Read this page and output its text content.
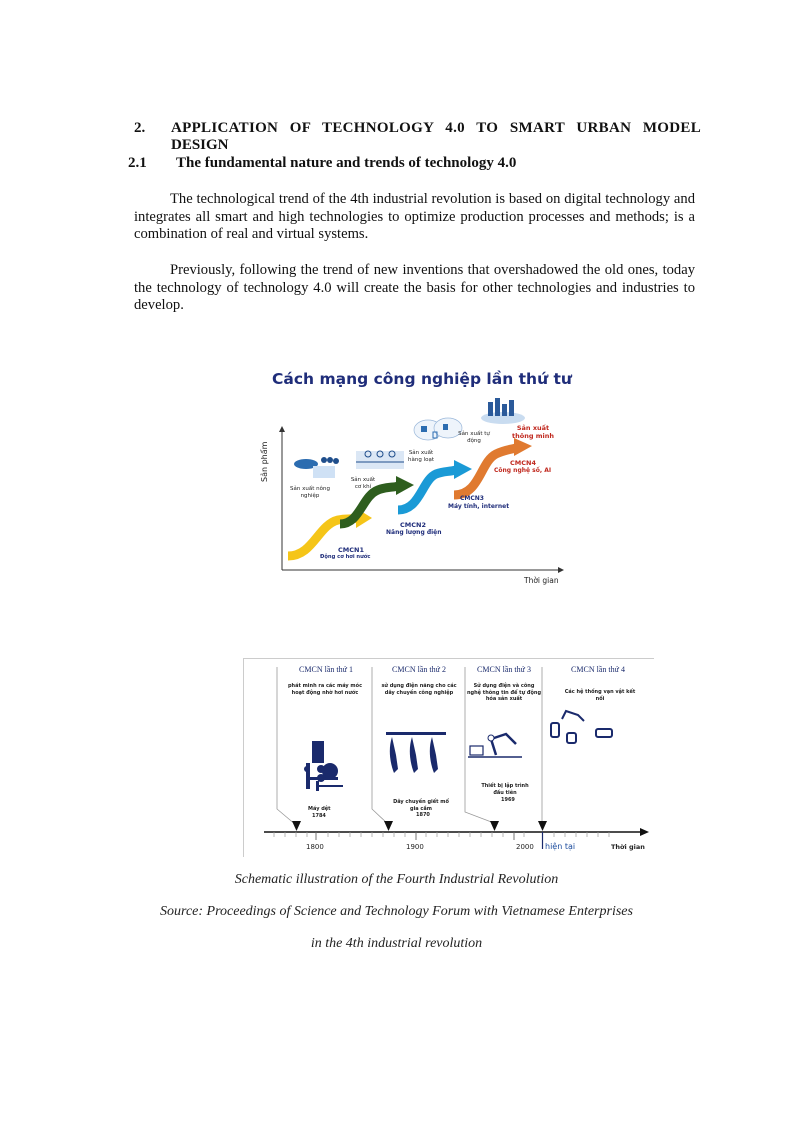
2. APPLICATION OF TECHNOLOGY 4.0 TO SMART URBAN MODEL
DESIGN
2.1 The fundamental nature and trends of technology 4.0
The technological trend of the 4th industrial revolution is based on digital technology and integrates all smart and high technologies to optimize production processes and methods; is a combination of real and virtual systems.
Previously, following the trend of new inventions that overshadowed the old ones, today the technology of technology 4.0 will create the basis for other technologies and industries to develop.
Cách mạng công nghiệp lần thứ tư
Sản phẩm
Thời gian
Sản xuất nông nghiệp
CMCN1
Động cơ hơi nước
Sản xuất cơ khí
CMCN2
Năng lượng điện
Sản xuất hàng loạt
CMCN3
Máy tính, internet
Sản xuất tự động
CMCN4
Công nghệ số, AI
Sản xuất thông minh
CMCN lần thứ 1
phát minh ra các máy móc hoạt động nhờ hơi nước
Máy dệt
1784
CMCN lần thứ 2
sử dụng điện năng cho các dây chuyền công nghiệp
Dây chuyền giết mổ gia cầm
1870
CMCN lần thứ 3
Sử dụng điện và công nghệ thông tin để tự động hóa sản xuất
Thiết bị lập trình đầu tiên
1969
CMCN lần thứ 4
Các hệ thống vạn vật kết nối
1800	1900	2000 hiện tại	Thời gian
Schematic illustration of the Fourth Industrial Revolution
Source: Proceedings of Science and Technology Forum with Vietnamese Enterprises
in the 4th industrial revolution
